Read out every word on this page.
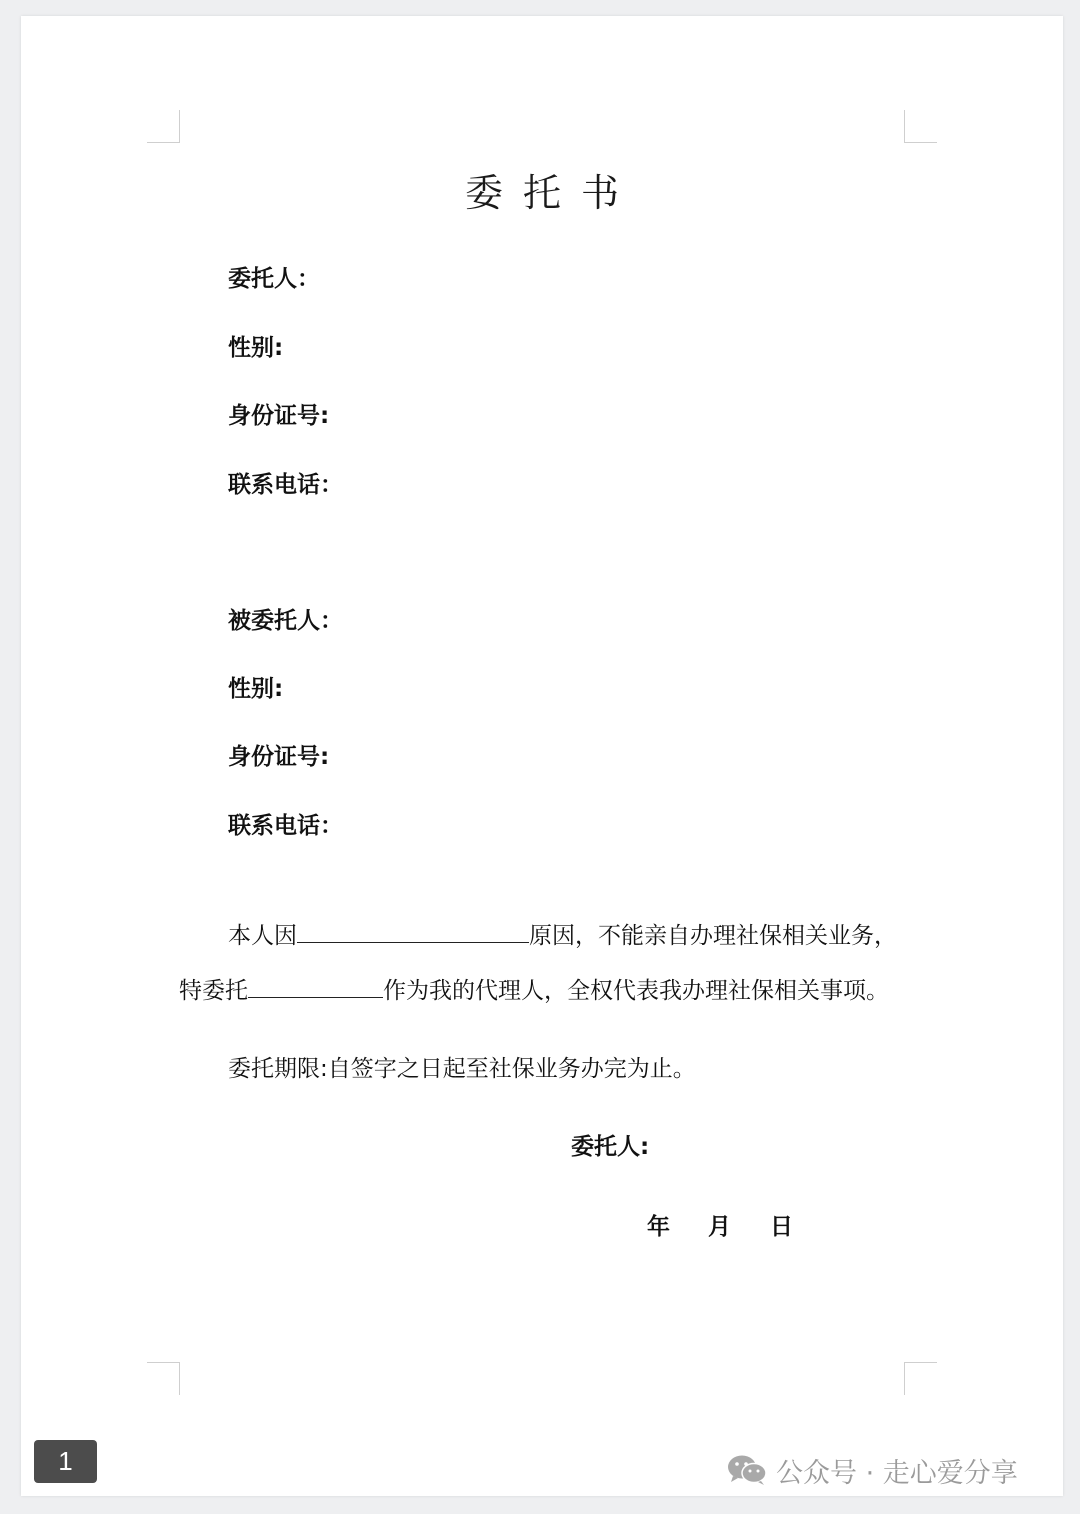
委托书
委托人：
性别:
身份证号:
联系电话：
被委托人：
性别:
身份证号:
联系电话：
本人因	原因，不能亲自办理社保相关业务，
特委托	作为我的代理人，全权代表我办理社保相关事项。
委托期限:自签字之日起至社保业务办完为止。
委托人:
年 月 日
1	公众号 · 走心爱分享
